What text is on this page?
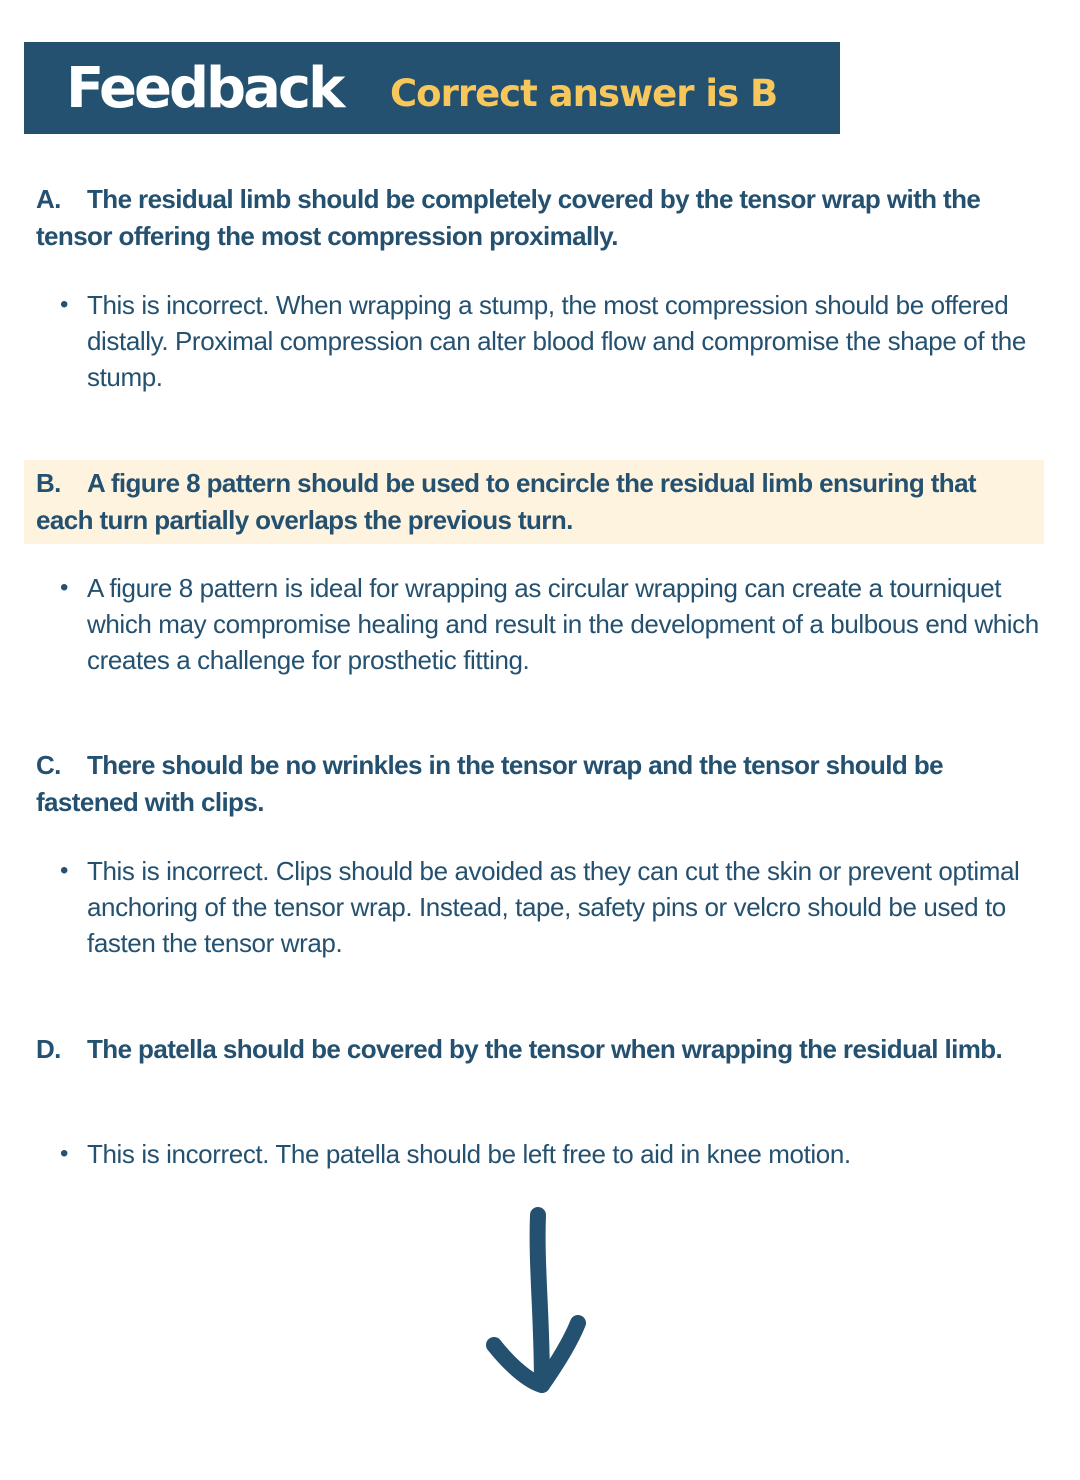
Feedback Correct answer is B

A. The residual limb should be completely covered by the tensor wrap with the tensor offering the most compression proximally.

• This is incorrect. When wrapping a stump, the most compression should be offered distally. Proximal compression can alter blood flow and compromise the shape of the stump.

B. A figure 8 pattern should be used to encircle the residual limb ensuring that each turn partially overlaps the previous turn.

• A figure 8 pattern is ideal for wrapping as circular wrapping can create a tourniquet which may compromise healing and result in the development of a bulbous end which creates a challenge for prosthetic fitting.

C. There should be no wrinkles in the tensor wrap and the tensor should be fastened with clips.

• This is incorrect. Clips should be avoided as they can cut the skin or prevent optimal anchoring of the tensor wrap. Instead, tape, safety pins or velcro should be used to fasten the tensor wrap.

D. The patella should be covered by the tensor when wrapping the residual limb.

• This is incorrect. The patella should be left free to aid in knee motion.
